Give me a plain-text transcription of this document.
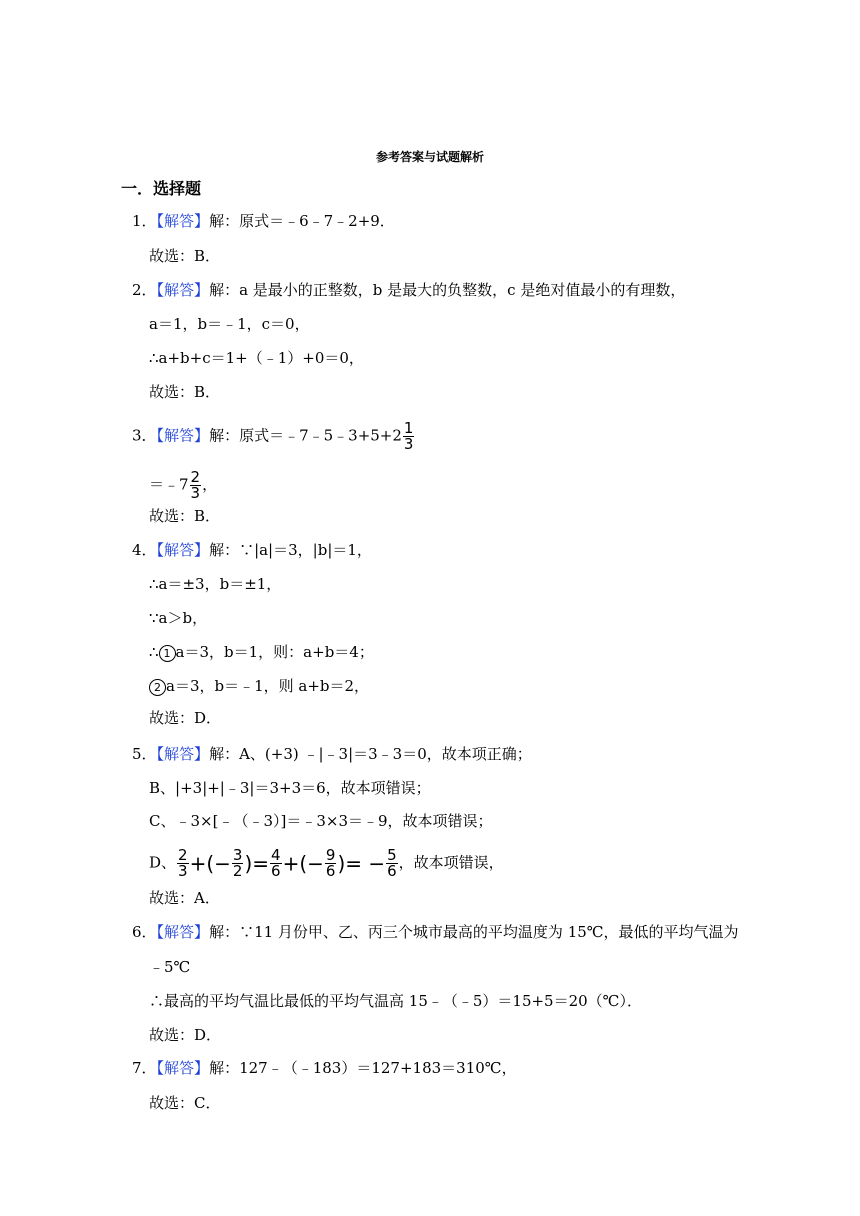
参考答案与试题解析
一．选择题
1．【解答】解：原式＝﹣6﹣7﹣2+9．
故选：B．
2．【解答】解：a 是最小的正整数，b 是最大的负整数，c 是绝对值最小的有理数，
a＝1，b＝﹣1，c＝0，
∴a+b+c＝1+（﹣1）+0＝0，
故选：B．
3．【解答】解：原式＝﹣7﹣5﹣3+5+2 $\frac{1}{3}$
＝﹣7 $\frac{2}{3}$ ，
故选：B．
4．【解答】解：∵|a|＝3，|b|＝1，
∴a＝±3，b＝±1，
∵a＞b，
∴ 1 a＝3，b＝1，则：a+b＝4；
2 a＝3，b＝﹣1，则 a+b＝2，
故选：D．
5．【解答】解：A、(+3) ﹣|﹣3|＝3﹣3＝0，故本项正确；
B、|+3|+|﹣3|＝3+3＝6，故本项错误；
C、﹣3×[﹣（﹣3）]＝﹣3×3＝﹣9，故本项错误；
D、 $\frac{2}{3}$ +(− $\frac{3}{2}$ )= $\frac{4}{6}$ +(− $\frac{9}{6}$ )= − $\frac{5}{6}$ ，故本项错误，
故选：A．
6．【解答】解：∵11 月份甲、乙、丙三个城市最高的平均温度为 15℃，最低的平均气温为
﹣5℃
∴最高的平均气温比最低的平均气温高 15﹣（﹣5）＝15+5＝20（℃）．
故选：D．
7．【解答】解：127﹣（﹣183）＝127+183＝310℃，
故选：C．
